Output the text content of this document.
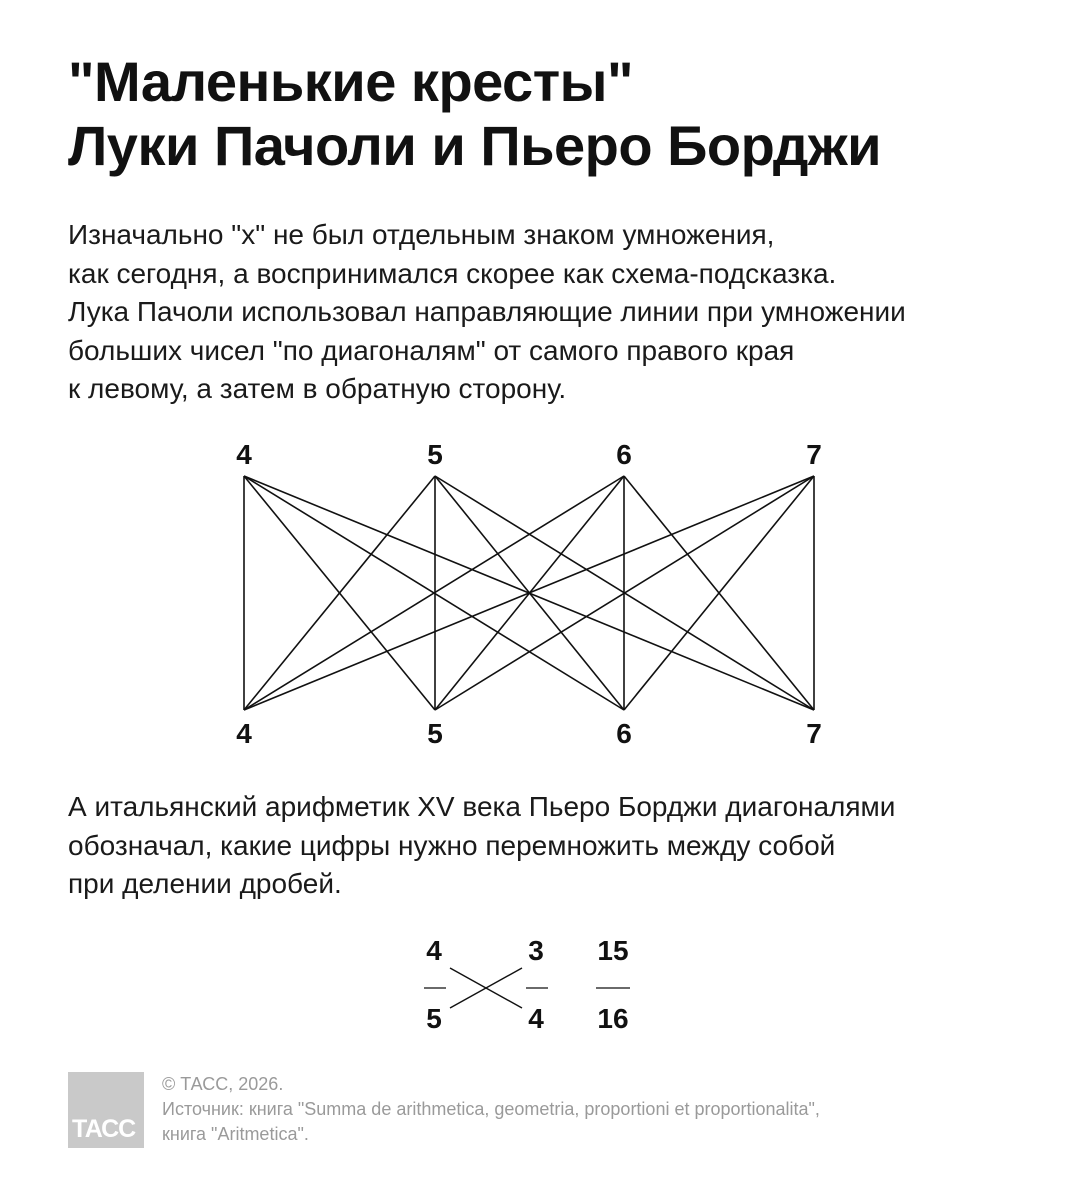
"Маленькие кресты"
Луки Пачоли и Пьеро Борджи
Изначально "х" не был отдельным знаком умножения,
как сегодня, а воспринимался скорее как схема-подсказка.
Лука Пачоли использовал направляющие линии при умножении
больших чисел "по диагоналям" от самого правого края
к левому, а затем в обратную сторону.
4	5	6	7
4	5	6	7
А итальянский арифметик XV века Пьеро Борджи диагоналями
обозначал, какие цифры нужно перемножить между собой
при делении дробей.
4
5
3
4
15
16
ТАСС
© ТАСС, 2026.
Источник: книга "Summa de arithmetica, geometria, proportioni et proportionalita",
книга "Aritmetica".
